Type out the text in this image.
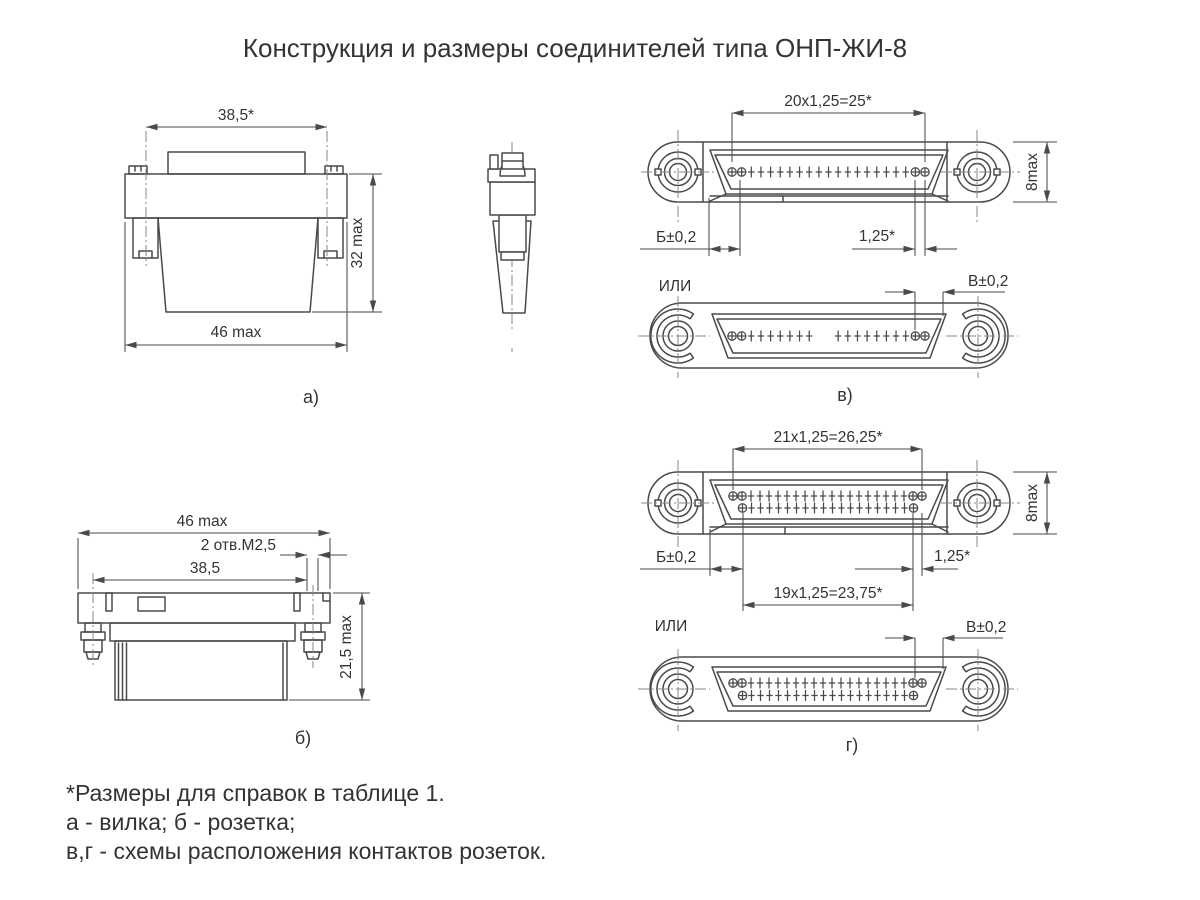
Конструкция и размеры соединителей типа ОНП-ЖИ-8
38,5*
32 max
46 max
а)
20х1,25=25*
8max
Б±0,2	1,25*
ИЛИ	В±0,2
в)
46 max
2 отв.М2,5
38,5
21,5 max
б)
21х1,25=26,25*
8max
Б±0,2	1,25*
19х1,25=23,75*
ИЛИ	В±0,2
г)
*Размеры для справок в таблице 1.
а - вилка; б - розетка;
в,г - схемы расположения контактов розеток.
